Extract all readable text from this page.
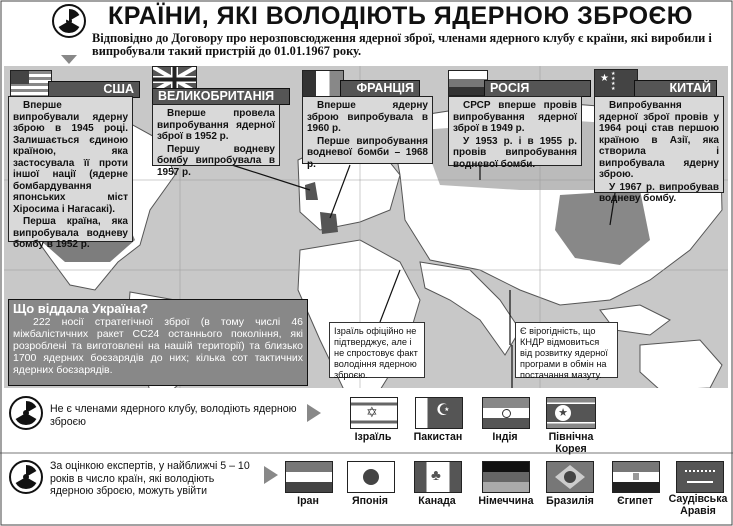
КРАЇНИ, ЯКІ ВОЛОДІЮТЬ ЯДЕРНОЮ ЗБРОЄЮ
Відповідно до Договору про нерозповсюдження ядерної зброї, членами ядерного клубу є країни, які виробили і випробували такий пристрій до 01.01.1967 року.
США

Вперше випробували ядерну зброю в 1945 році. Залишається єдиною країною, яка застосувала її проти іншої нації (ядерне бомбардування японських міст Хіросима і Нагасакі).

Перша країна, яка випробувала водневу бомбу в 1952 р.

ВЕЛИКОБРИТАНІЯ

Вперше провела випробування ядерної зброї в 1952 р.

Першу водневу бомбу випробувала в 1957 р.

ФРАНЦІЯ

Вперше ядерну зброю випробувала в 1960 р.

Перше випробування водневої бомби – 1968 р.

РОСІЯ

СРСР вперше провів випробування ядерної зброї в 1949 р.

У 1953 р. і в 1955 р. провів випробування водневої бомби.

★ ★
★
★
★	КИТАЙ

Випробування ядерної зброї провів у 1964 році став першою країною в Азії, яка створила і випробувала ядерну зброю.

У 1967 р. випробував водневу бомбу.

Що віддала Україна?
222 носії стратегічної зброї (в тому числі 46 міжбалістичних ракет СС24 останнього покоління, які розроблені та виготовлені на нашій території) та близько 1700 ядерних боєзарядів до них; кілька сот тактичних ядерних боєзарядів.
Ізраїль офіційно не підтверджує, але і не спростовує факт володіння ядерною зброєю.
Є вірогідність, що КНДР відмовиться від розвитку ядерної програми в обмін на постачання мазуту.
Не є членами ядерного клубу, володіють ядерною зброєю
✡
Ізраїль
☪
Пакистан	Індія
★
Північна Корея
За оцінкою експертів, у найближчі 5 – 10 років в число країн, які володіють ядерною зброєю, можуть увійти
Іран	Японія
♣
Канада	Німеччина	Бразилія	Єгипет	Саудівська Аравія
